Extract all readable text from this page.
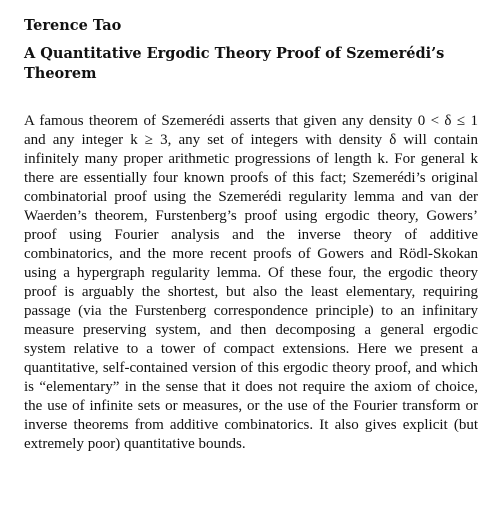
Terence Tao
A Quantitative Ergodic Theory Proof of Szemerédi’s Theorem

A famous theorem of Szemerédi asserts that given any density 0 < δ ≤ 1 and any integer k ≥ 3, any set of integers with density δ will contain infinitely many proper arithmetic progressions of length k. For general k there are essentially four known proofs of this fact; Szemerédi’s original combinatorial proof using the Szemerédi regularity lemma and van der Waerden’s theorem, Furstenberg’s proof using ergodic theory, Gowers’ proof using Fourier analysis and the inverse theory of additive combinatorics, and the more recent proofs of Gowers and Rödl-Skokan using a hypergraph regularity lemma. Of these four, the ergodic theory proof is arguably the shortest, but also the least elementary, requiring passage (via the Furstenberg correspondence principle) to an infinitary measure preserving system, and then decomposing a general ergodic system relative to a tower of compact extensions. Here we present a quantitative, self-contained version of this ergodic theory proof, and which is “elementary” in the sense that it does not require the axiom of choice, the use of infinite sets or measures, or the use of the Fourier transform or inverse theorems from additive combinatorics. It also gives explicit (but extremely poor) quantitative bounds.
